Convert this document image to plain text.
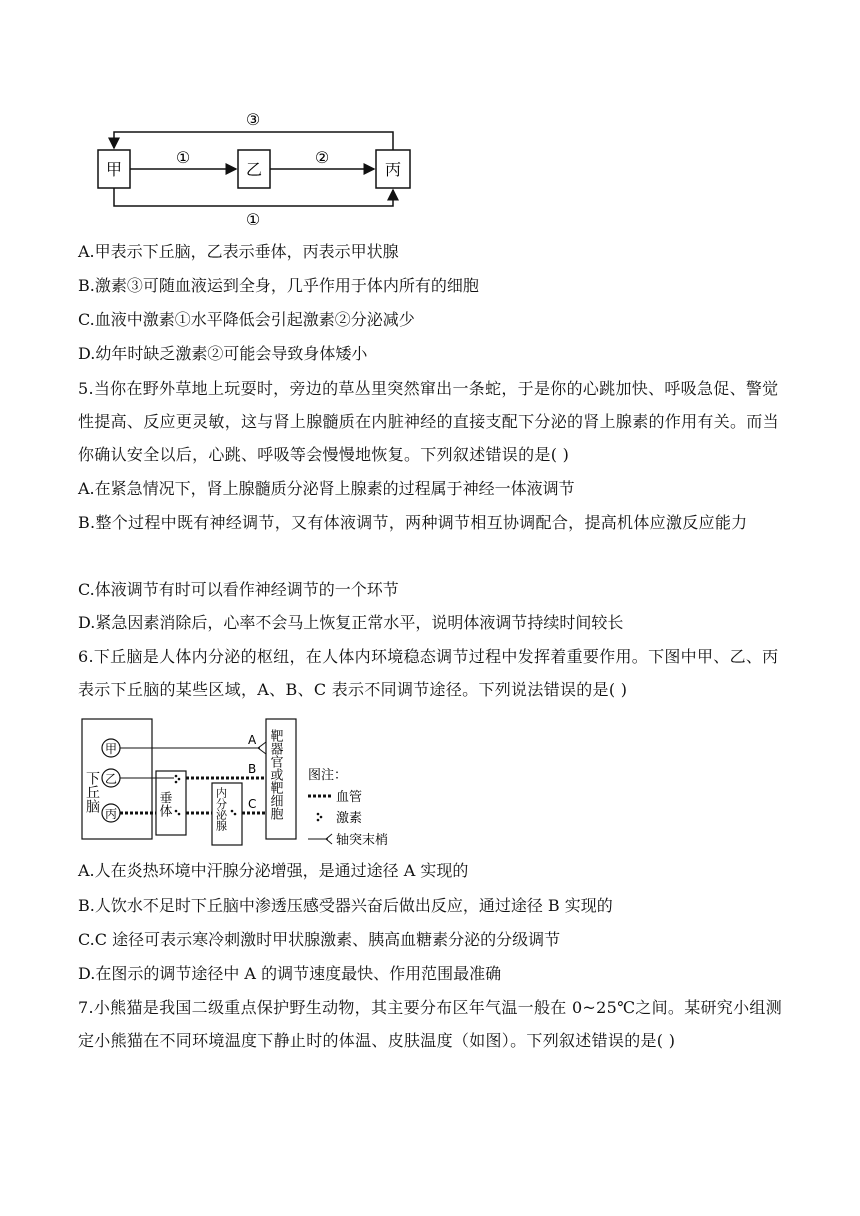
甲	乙	丙
①	②
③
①
A.甲表示下丘脑，乙表示垂体，丙表示甲状腺
B.激素③可随血液运到全身，几乎作用于体内所有的细胞
C.血液中激素①水平降低会引起激素②分泌减少
D.幼年时缺乏激素②可能会导致身体矮小
5.当你在野外草地上玩耍时，旁边的草丛里突然窜出一条蛇，于是你的心跳加快、呼吸急促、警觉性提高、反应更灵敏，这与肾上腺髓质在内脏神经的直接支配下分泌的肾上腺素的作用有关。而当你确认安全以后，心跳、呼吸等会慢慢地恢复。下列叙述错误的是( )
A.在紧急情况下，肾上腺髓质分泌肾上腺素的过程属于神经一体液调节
B.整个过程中既有神经调节，又有体液调节，两种调节相互协调配合，提高机体应激反应能力
C.体液调节有时可以看作神经调节的一个环节
D.紧急因素消除后，心率不会马上恢复正常水平，说明体液调节持续时间较长
6.下丘脑是人体内分泌的枢纽，在人体内环境稳态调节过程中发挥着重要作用。下图中甲、乙、丙表示下丘脑的某些区域，A、B、C 表示不同调节途径。下列说法错误的是( )
下丘脑
甲
乙
丙	垂体	内分泌腺	靶器官或靶细胞
A
B
C
图注：
血管
激素
轴突末梢
A.人在炎热环境中汗腺分泌增强，是通过途径 A 实现的
B.人饮水不足时下丘脑中渗透压感受器兴奋后做出反应，通过途径 B 实现的
C.C 途径可表示寒冷刺激时甲状腺激素、胰高血糖素分泌的分级调节
D.在图示的调节途径中 A 的调节速度最快、作用范围最准确
7.小熊猫是我国二级重点保护野生动物，其主要分布区年气温一般在 0~25℃之间。某研究小组测定小熊猫在不同环境温度下静止时的体温、皮肤温度（如图）。下列叙述错误的是( )
